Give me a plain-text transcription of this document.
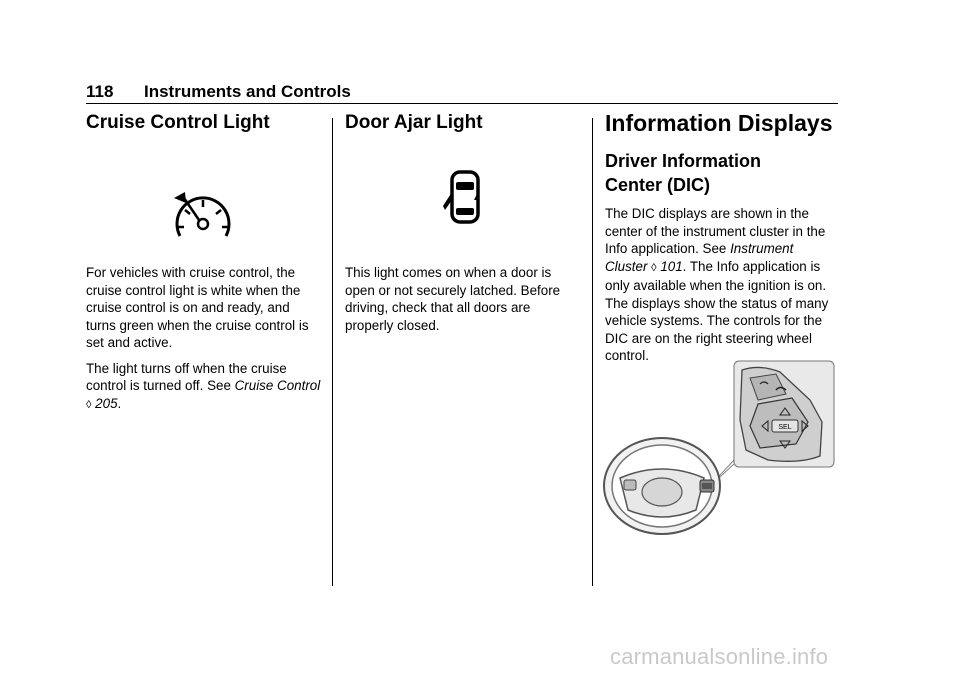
118 Instruments and Controls
Cruise Control Light

For vehicles with cruise control, the cruise control light is white when the cruise control is on and ready, and turns green when the cruise control is set and active.

The light turns off when the cruise control is turned off. See Cruise Control ◊ 205.

Door Ajar Light

This light comes on when a door is open or not securely latched. Before driving, check that all doors are properly closed.

Information Displays
Driver Information
Center (DIC)

The DIC displays are shown in the center of the instrument cluster in the Info application. See Instrument Cluster ◊ 101. The Info application is only available when the ignition is on. The displays show the status of many vehicle systems. The controls for the DIC are on the right steering wheel control.

SEL
carmanualsonline.info
